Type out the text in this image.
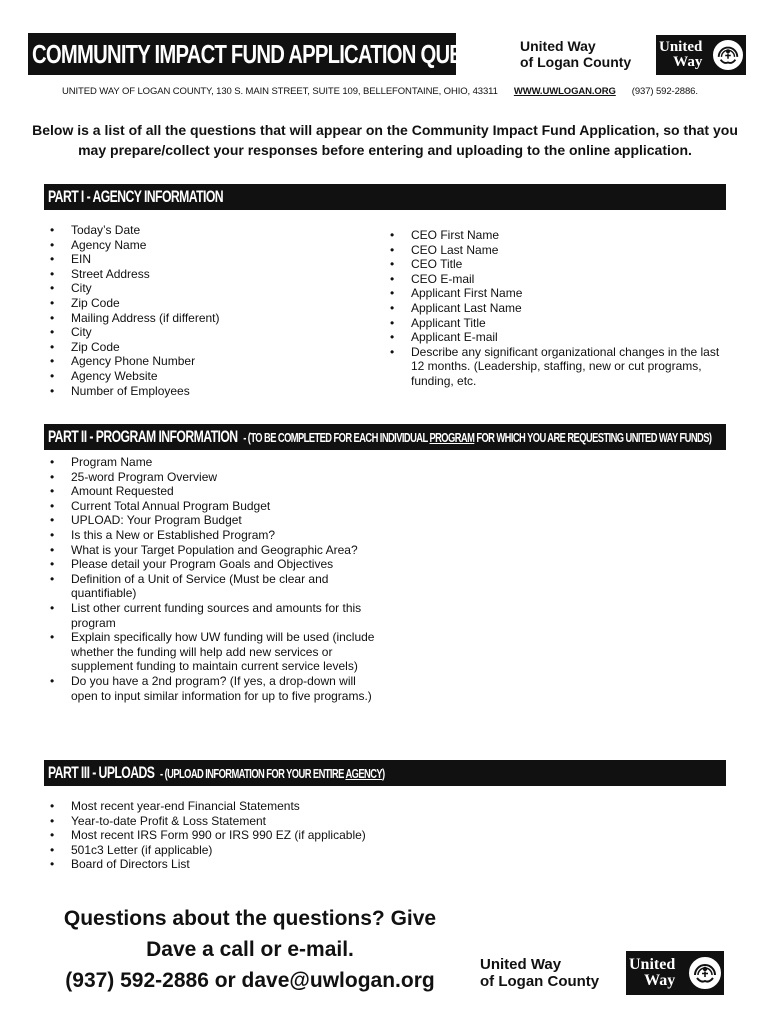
COMMUNITY IMPACT FUND APPLICATION QUESTIONS
United Way
of Logan County
United
Way
UNITED WAY OF LOGAN COUNTY, 130 S. MAIN STREET, SUITE 109, BELLEFONTAINE, OHIO, 43311 WWW.UWLOGAN.ORG (937) 592-2886.
Below is a list of all the questions that will appear on the Community Impact Fund Application, so that you may prepare/collect your responses before entering and uploading to the online application.
PART I - AGENCY INFORMATION
• Today’s Date
• Agency Name
• EIN
• Street Address
• City
• Zip Code
• Mailing Address (if different)
• City
• Zip Code
• Agency Phone Number
• Agency Website
• Number of Employees
• CEO First Name
• CEO Last Name
• CEO Title
• CEO E-mail
• Applicant First Name
• Applicant Last Name
• Applicant Title
• Applicant E-mail
• Describe any significant organizational changes in the last 12 months. (Leadership, staffing, new or cut programs, funding, etc.
PART II - PROGRAM INFORMATION - (TO BE COMPLETED FOR EACH INDIVIDUAL PROGRAM FOR WHICH YOU ARE REQUESTING UNITED WAY FUNDS)
• Program Name
• 25-word Program Overview
• Amount Requested
• Current Total Annual Program Budget
• UPLOAD: Your Program Budget
• Is this a New or Established Program?
• What is your Target Population and Geographic Area?
• Please detail your Program Goals and Objectives
• Definition of a Unit of Service (Must be clear and quantifiable)
• List other current funding sources and amounts for this program
• Explain specifically how UW funding will be used (include whether the funding will help add new services or supplement funding to maintain current service levels)
• Do you have a 2nd program? (If yes, a drop-down will open to input similar information for up to five programs.)
PART III - UPLOADS - (UPLOAD INFORMATION FOR YOUR ENTIRE AGENCY)
• Most recent year-end Financial Statements
• Year-to-date Profit & Loss Statement
• Most recent IRS Form 990 or IRS 990 EZ (if applicable)
• 501c3 Letter (if applicable)
• Board of Directors List
Questions about the questions? Give
Dave a call or e-mail.
(937) 592-2886 or dave@uwlogan.org
United Way
of Logan County
United
Way
